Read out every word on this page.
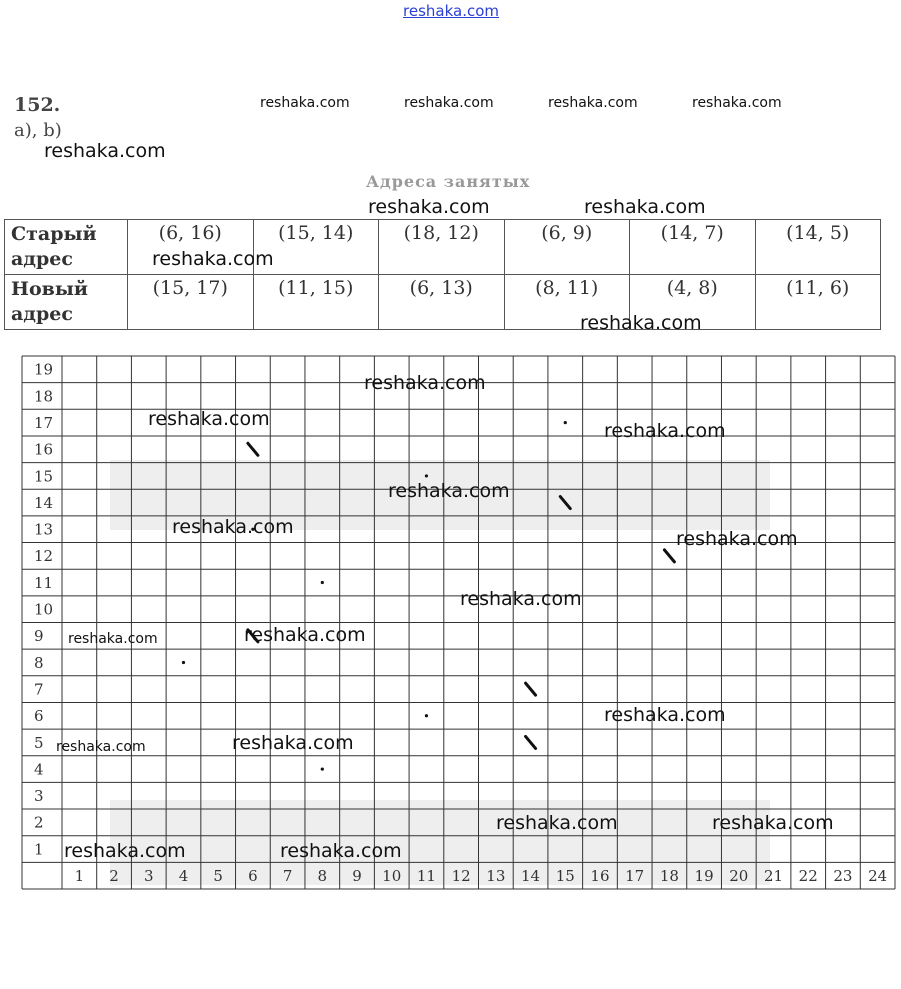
reshaka.com
152.
a), b)
Адреса занятых
Старый
адрес	(6, 16)	(15, 14)	(18, 12)	(6, 9)	(14, 7)	(14, 5)
Новый
адрес	(15, 17)	(11, 15)	(6, 13)	(8, 11)	(4, 8)	(11, 6)
19
18
17
16
15
14
13
12
11
10
9
8
7
6
5
4
3
2
1
1 2 3 4 5 6 7 8 9 10 11 12 13 14 15 16 17 18 19 20 21 22 23 24
reshaka.com	reshaka.com	reshaka.com	reshaka.com
reshaka.com
reshaka.com	reshaka.com
reshaka.com
reshaka.com
reshaka.com
reshaka.com
reshaka.com
reshaka.com
reshaka.com
reshaka.com
reshaka.com
reshaka.com
reshaka.com
reshaka.com
reshaka.com
reshaka.com
reshaka.com	reshaka.com
reshaka.com	reshaka.com
